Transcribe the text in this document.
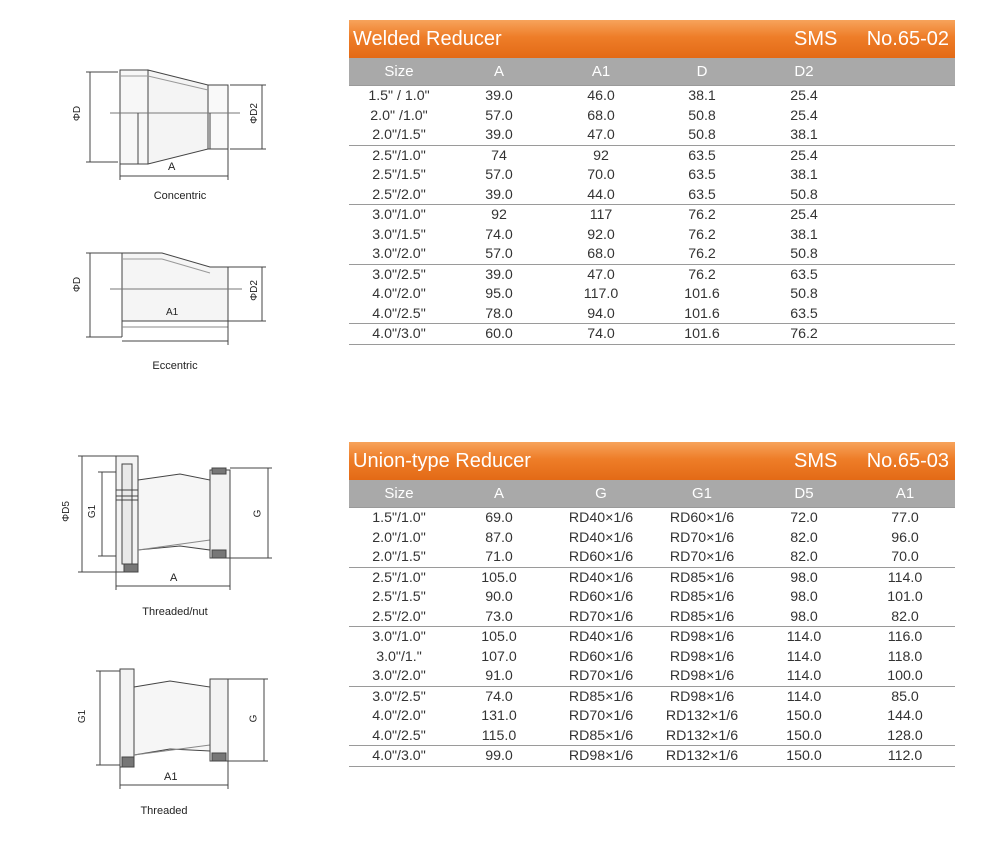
ΦD	ΦD2
A
Concentric
ΦD	ΦD2
A1
Eccentric
ΦD5 G1	G
A
Threaded/nut
G1	G
A1
Threaded
Welded Reducer	SMS No.65-02
Size	A	A1	D	D2
1.5" / 1.0"	39.0	46.0	38.1	25.4
2.0" /1.0"	57.0	68.0	50.8	25.4
2.0"/1.5"	39.0	47.0	50.8	38.1
2.5"/1.0"	74	92	63.5	25.4
2.5"/1.5"	57.0	70.0	63.5	38.1
2.5"/2.0"	39.0	44.0	63.5	50.8
3.0"/1.0"	92	117	76.2	25.4
3.0"/1.5"	74.0	92.0	76.2	38.1
3.0"/2.0"	57.0	68.0	76.2	50.8
3.0"/2.5"	39.0	47.0	76.2	63.5
4.0"/2.0"	95.0	117.0	101.6	50.8
4.0"/2.5"	78.0	94.0	101.6	63.5
4.0"/3.0"	60.0	74.0	101.6	76.2
Union-type Reducer	SMS No.65-03
Size	A	G	G1	D5	A1
1.5"/1.0"	69.0	RD40×1/6	RD60×1/6	72.0	77.0
2.0"/1.0"	87.0	RD40×1/6	RD70×1/6	82.0	96.0
2.0"/1.5"	71.0	RD60×1/6	RD70×1/6	82.0	70.0
2.5"/1.0"	105.0	RD40×1/6	RD85×1/6	98.0	114.0
2.5"/1.5"	90.0	RD60×1/6	RD85×1/6	98.0	101.0
2.5"/2.0"	73.0	RD70×1/6	RD85×1/6	98.0	82.0
3.0"/1.0"	105.0	RD40×1/6	RD98×1/6	114.0	116.0
3.0"/1."	107.0	RD60×1/6	RD98×1/6	114.0	118.0
3.0"/2.0"	91.0	RD70×1/6	RD98×1/6	114.0	100.0
3.0"/2.5"	74.0	RD85×1/6	RD98×1/6	114.0	85.0
4.0"/2.0"	131.0	RD70×1/6 RD132×1/6	150.0	144.0
4.0"/2.5"	115.0	RD85×1/6 RD132×1/6	150.0	128.0
4.0"/3.0"	99.0	RD98×1/6 RD132×1/6	150.0	112.0
